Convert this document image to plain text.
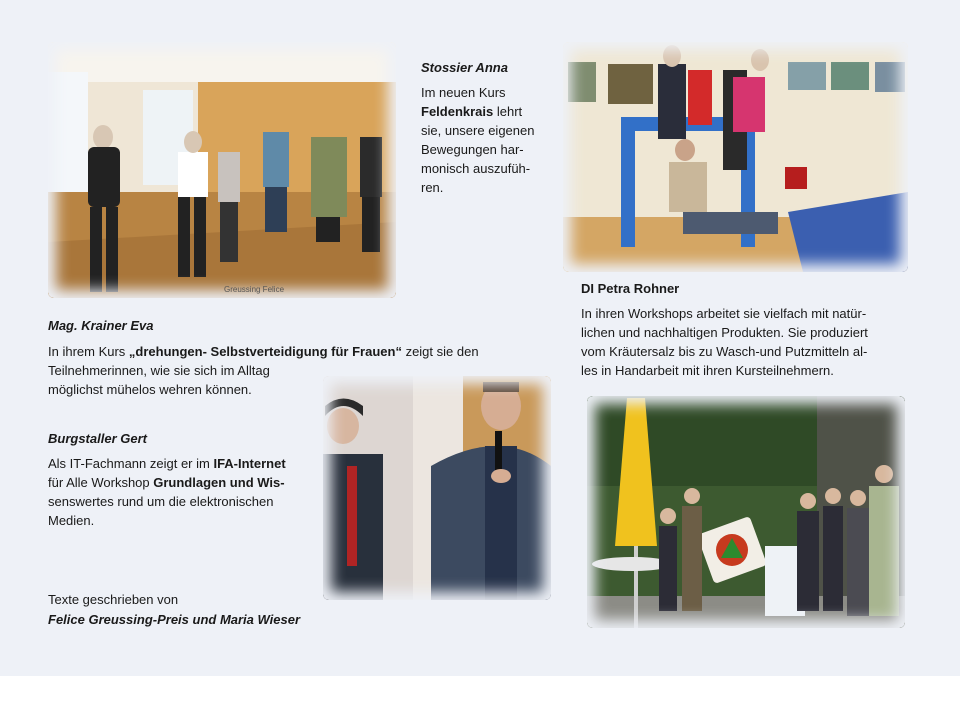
Greussing Felice
Stossier Anna
Im neuen Kurs
Feldenkrais lehrt
sie, unsere eigenen
Bewegungen har-
monisch auszufüh-
ren.
DI Petra Rohner
In ihren Workshops arbeitet sie vielfach mit natür-
lichen und nachhaltigen Produkten. Sie produziert
vom Kräutersalz bis zu Wasch-und Putzmitteln al-
les in Handarbeit mit ihren Kursteilnehmern.
Mag. Krainer Eva
In ihrem Kurs „drehungen- Selbstverteidigung für Frauen“ zeigt sie den
Teilnehmerinnen, wie sie sich im Alltag
möglichst mühelos wehren können.
Burgstaller Gert
Als IT-Fachmann zeigt er im IFA-Internet
für Alle Workshop Grundlagen und Wis-
senswertes rund um die elektronischen
Medien.
Texte geschrieben von
Felice Greussing-Preis und Maria Wieser
